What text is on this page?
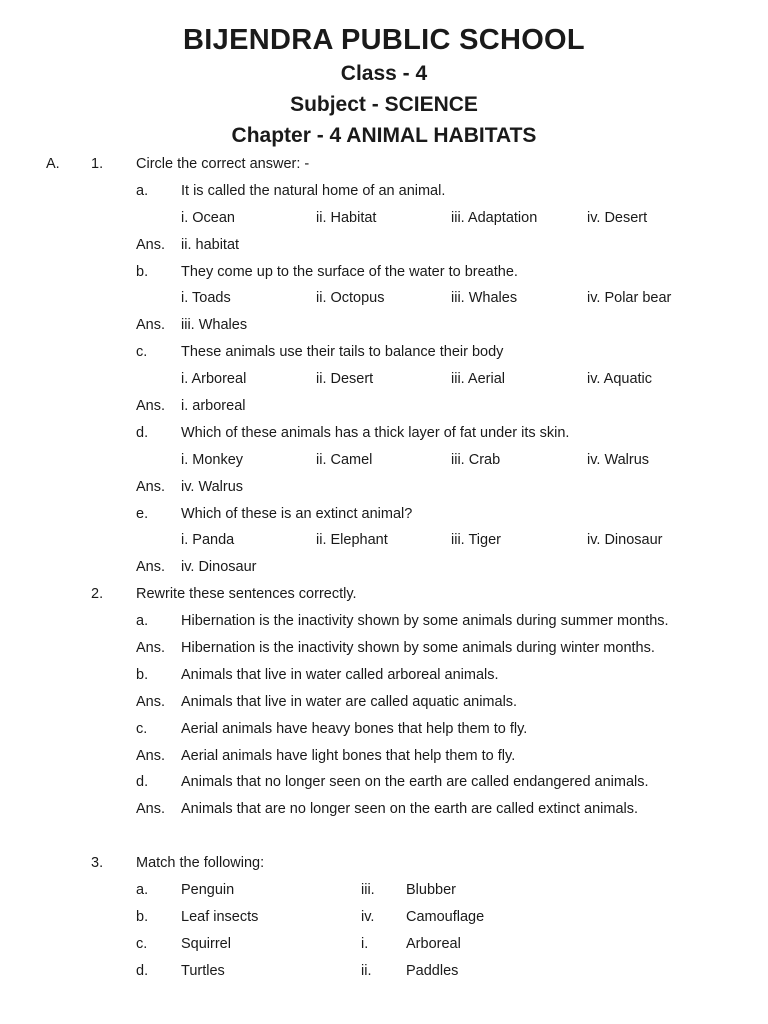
BIJENDRA PUBLIC SCHOOL
Class - 4
Subject - SCIENCE
Chapter - 4 ANIMAL HABITATS
A. 1. Circle the correct answer: -
a. It is called the natural home of an animal.
i. Ocean	ii. Habitat	iii. Adaptation	iv. Desert
Ans. ii. habitat
b. They come up to the surface of the water to breathe.
i. Toads	ii. Octopus	iii. Whales	iv. Polar bear
Ans. iii. Whales
c. These animals use their tails to balance their body
i. Arboreal	ii. Desert	iii. Aerial	iv. Aquatic
Ans. i. arboreal
d. Which of these animals has a thick layer of fat under its skin.
i. Monkey	ii. Camel	iii. Crab	iv. Walrus
Ans. iv. Walrus
e. Which of these is an extinct animal?
i. Panda	ii. Elephant	iii. Tiger	iv. Dinosaur
Ans. iv. Dinosaur
2. Rewrite these sentences correctly.
a. Hibernation is the inactivity shown by some animals during summer months.
Ans. Hibernation is the inactivity shown by some animals during winter months.
b. Animals that live in water called arboreal animals.
Ans. Animals that live in water are called aquatic animals.
c. Aerial animals have heavy bones that help them to fly.
Ans. Aerial animals have light bones that help them to fly.
d. Animals that no longer seen on the earth are called endangered animals.
Ans. Animals that are no longer seen on the earth are called extinct animals.
3. Match the following:
a. Penguin	iii. Blubber
b. Leaf insects	iv. Camouflage
c. Squirrel	i.	Arboreal
d. Turtles	ii. Paddles
